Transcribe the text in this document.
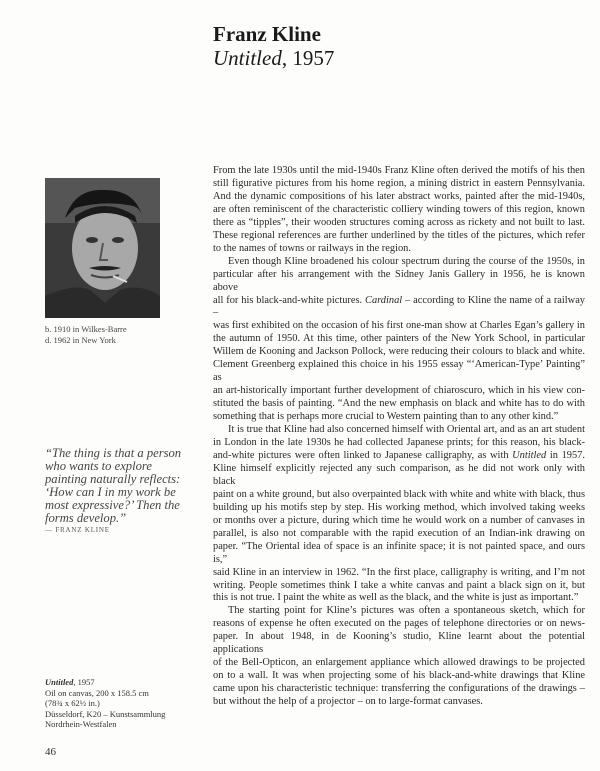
Franz Kline
Untitled, 1957
b. 1910 in Wilkes-Barre
d. 1962 in New York
“The thing is that a person who wants to explore painting naturally reflects: ‘How can I in my work be most expressive?’ Then the forms develop.”
— FRANZ KLINE
From the late 1930s until the mid-1940s Franz Kline often derived the motifs of his then
still figurative pictures from his home region, a mining district in eastern Pennsylvania.
And the dynamic compositions of his later abstract works, painted after the mid-1940s,
are often reminiscent of the characteristic colliery winding towers of this region, known
there as “tipples”, their wooden structures coming across as rickety and not built to last.
These regional references are further underlined by the titles of the pictures, which refer
to the names of towns or railways in the region.
Even though Kline broadened his colour spectrum during the course of the 1950s, in
particular after his arrangement with the Sidney Janis Gallery in 1956, he is known above
all for his black-and-white pictures. Cardinal – according to Kline the name of a railway –
was first exhibited on the occasion of his first one-man show at Charles Egan’s gallery in
the autumn of 1950. At this time, other painters of the New York School, in particular
Willem de Kooning and Jackson Pollock, were reducing their colours to black and white.
Clement Greenberg explained this choice in his 1955 essay “‘American-Type’ Painting” as
an art-historically important further development of chiaroscuro, which in his view con-
stituted the basis of painting. “And the new emphasis on black and white has to do with
something that is perhaps more crucial to Western painting than to any other kind.”
It is true that Kline had also concerned himself with Oriental art, and as an art student
in London in the late 1930s he had collected Japanese prints; for this reason, his black-
and-white pictures were often linked to Japanese calligraphy, as with Untitled in 1957.
Kline himself explicitly rejected any such comparison, as he did not work only with black
paint on a white ground, but also overpainted black with white and white with black, thus
building up his motifs step by step. His working method, which involved taking weeks
or months over a picture, during which time he would work on a number of canvases in
parallel, is also not comparable with the rapid execution of an Indian-ink drawing on
paper. “The Oriental idea of space is an infinite space; it is not painted space, and ours is,”
said Kline in an interview in 1962. “In the first place, calligraphy is writing, and I’m not
writing. People sometimes think I take a white canvas and paint a black sign on it, but
this is not true. I paint the white as well as the black, and the white is just as important.”
The starting point for Kline’s pictures was often a spontaneous sketch, which for
reasons of expense he often executed on the pages of telephone directories or on news-
paper. In about 1948, in de Kooning’s studio, Kline learnt about the potential applications
of the Bell-Opticon, an enlargement appliance which allowed drawings to be projected
on to a wall. It was when projecting some of his black-and-white drawings that Kline
came upon his characteristic technique: transferring the configurations of the drawings –
but without the help of a projector – on to large-format canvases.
Untitled, 1957
Oil on canvas, 200 x 158.5 cm
(78¾ x 62½ in.)
Düsseldorf, K20 – Kunstsammlung
Nordrhein-Westfalen
46
